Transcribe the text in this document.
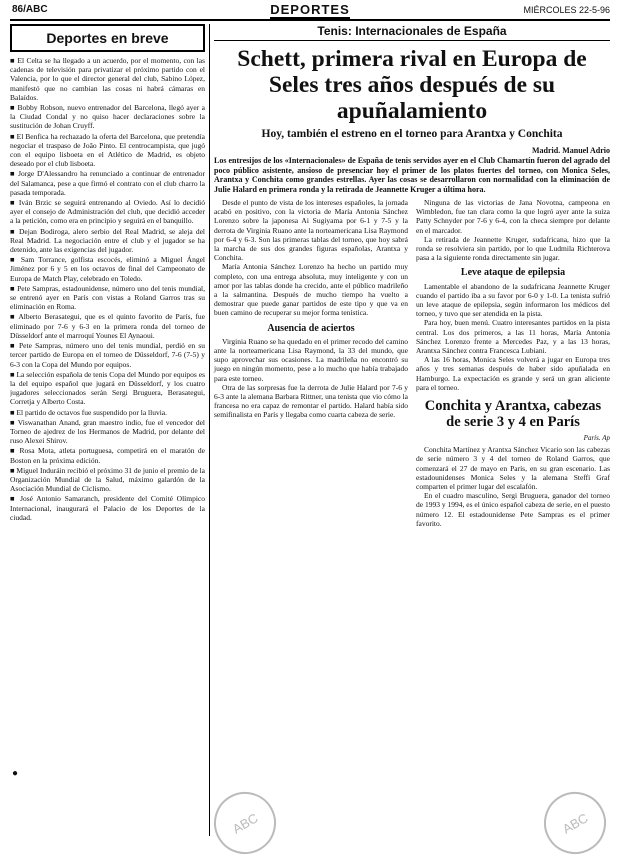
86/ABC	DEPORTES	MIÉRCOLES 22-5-96
Deportes en breve

■ El Celta se ha llegado a un acuerdo, por el momento, con las cadenas de televisión para privatizar el próximo partido con el Valencia, por lo que el director general del club, Sabino López, manifestó que no cambian las cosas ni habrá cámaras en Balaídos.

■ Bobby Robson, nuevo entrenador del Barcelona, llegó ayer a la Ciudad Condal y no quiso hacer declaraciones sobre la sustitución de Johan Cruyff.

■ El Benfica ha rechazado la oferta del Barcelona, que pretendía negociar el traspaso de João Pinto. El centrocampista, que jugó con el equipo lisboeta en el Atlético de Madrid, es objeto deseado por el club lisboeta.

■ Jorge D'Alessandro ha renunciado a continuar de entrenador del Salamanca, pese a que firmó el contrato con el club charro la pasada temporada.

■ Iván Brzic se seguirá entrenando al Oviedo. Así lo decidió ayer el consejo de Administración del club, que decidió acceder a la petición, como era en principio y seguirá en el banquillo.

■ Dejan Bodiroga, alero serbio del Real Madrid, se aleja del Real Madrid. La negociación entre el club y el jugador se ha detenido, ante las exigencias del jugador.

■ Sam Torrance, golfista escocés, eliminó a Miguel Ángel Jiménez por 6 y 5 en los octavos de final del Campeonato de Europa de Match Play, celebrado en Toledo.

■ Pete Sampras, estadounidense, número uno del tenis mundial, se entrenó ayer en París con vistas a Roland Garros tras su eliminación en Roma.

■ Alberto Berasategui, que es el quinto favorito de París, fue eliminado por 7-6 y 6-3 en la primera ronda del torneo de Düsseldorf ante el marroquí Younes El Aynaoui.

■ Pete Sampras, número uno del tenis mundial, perdió en su tercer partido de Europa en el torneo de Düsseldorf, 7-6 (7-5) y 6-3 con la Copa del Mundo por equipos.

■ La selección española de tenis Copa del Mundo por equipos es la del equipo español que jugará en Düsseldorf, y los cuatro jugadores seleccionados serán Sergi Bruguera, Berasategui, Corretja y Alberto Costa.

■ El partido de octavos fue suspendido por la lluvia.

■ Viswanathan Anand, gran maestro indio, fue el vencedor del Torneo de ajedrez de los Hermanos de Madrid, por delante del ruso Alexei Shirov.

■ Rosa Mota, atleta portuguesa, competirá en el maratón de Boston en la próxima edición.

■ Miguel Induráin recibió el próximo 31 de junio el premio de la Organización Mundial de la Salud, máximo galardón de la Asociación Mundial de Ciclismo.

■ José Antonio Samaranch, presidente del Comité Olímpico Internacional, inaugurará el Palacio de los Deportes de la ciudad.

●
Tenis: Internacionales de España
Schett, primera rival en Europa de Seles tres años después de su apuñalamiento
Hoy, también el estreno en el torneo para Arantxa y Conchita
Madrid. Manuel Adrio
Los entresijos de los «Internacionales» de España de tenis servidos ayer en el Club Chamartín fueron del agrado del poco público asistente, ansioso de presenciar hoy el primer de los platos fuertes del torneo, con Monica Seles, Arantxa y Conchita como grandes estrellas. Ayer las cosas se desarrollaron con normalidad con la eliminación de Julie Halard en primera ronda y la retirada de Jeannette Kruger a última hora.

Desde el punto de vista de los intereses españoles, la jornada acabó en positivo, con la victoria de María Antonia Sánchez Lorenzo sobre la japonesa Ai Sugiyama por 6-1 y 7-5 y la derrota de Virginia Ruano ante la norteamericana Lisa Raymond por 6-4 y 6-3. Son las primeras tablas del torneo, que hoy sabrá la marcha de sus dos grandes figuras españolas, Arantxa y Conchita.

María Antonia Sánchez Lorenzo ha hecho un partido muy completo, con una entrega absoluta, muy inteligente y con un amor por las tablas donde ha crecido, ante el público madrileño a la salmantina. Después de mucho tiempo ha vuelto a demostrar que puede ganar partidos de este tipo y que va en buen camino de recuperar su mejor forma tenística.

Ausencia de aciertos

Virginia Ruano se ha quedado en el primer recodo del camino ante la norteamericana Lisa Raymond, la 33 del mundo, que supo aprovechar sus ocasiones. La madrileña no encontró su juego en ningún momento, pese a lo mucho que había trabajado para este torneo.

Otra de las sorpresas fue la derrota de Julie Halard por 7-6 y 6-3 ante la alemana Barbara Rittner, una tenista que vio cómo la francesa no era capaz de remontar el partido. Halard había sido semifinalista en París y llegaba como cuarta cabeza de serie.

Ninguna de las victorias de Jana Novotna, campeona en Wimbledon, fue tan clara como la que logró ayer ante la suiza Patty Schnyder por 7-6 y 6-4, con la checa siempre por delante en el marcador.

La retirada de Jeannette Kruger, sudafricana, hizo que la ronda se resolviera sin partido, por lo que Ludmila Richterova pasa a la siguiente ronda directamente sin jugar.

Leve ataque de epilepsia

Lamentable el abandono de la sudafricana Jeannette Kruger cuando el partido iba a su favor por 6-0 y 1-0. La tenista sufrió un leve ataque de epilepsia, según informaron los médicos del torneo, y tuvo que ser atendida en la pista.

Para hoy, buen menú. Cuatro interesantes partidos en la pista central. Los dos primeros, a las 11 horas, María Antonia Sánchez Lorenzo frente a Mercedes Paz, y a las 13 horas, Arantxa Sánchez contra Francesca Lubiani.

A las 16 horas, Monica Seles volverá a jugar en Europa tres años y tres semanas después de haber sido apuñalada en Hamburgo. La expectación es grande y será un gran aliciente para el torneo.

Conchita y Arantxa, cabezas de serie 3 y 4 en París
París. Ap

Conchita Martínez y Arantxa Sánchez Vicario son las cabezas de serie número 3 y 4 del torneo de Roland Garros, que comenzará el 27 de mayo en París, en su gran escenario. Las estadounidenses Monica Seles y la alemana Steffi Graf comparten el primer lugar del escalafón.

En el cuadro masculino, Sergi Bruguera, ganador del torneo de 1993 y 1994, es el único español cabeza de serie, en el puesto número 12. El estadounidense Pete Sampras es el primer favorito.

ABC	ABC
